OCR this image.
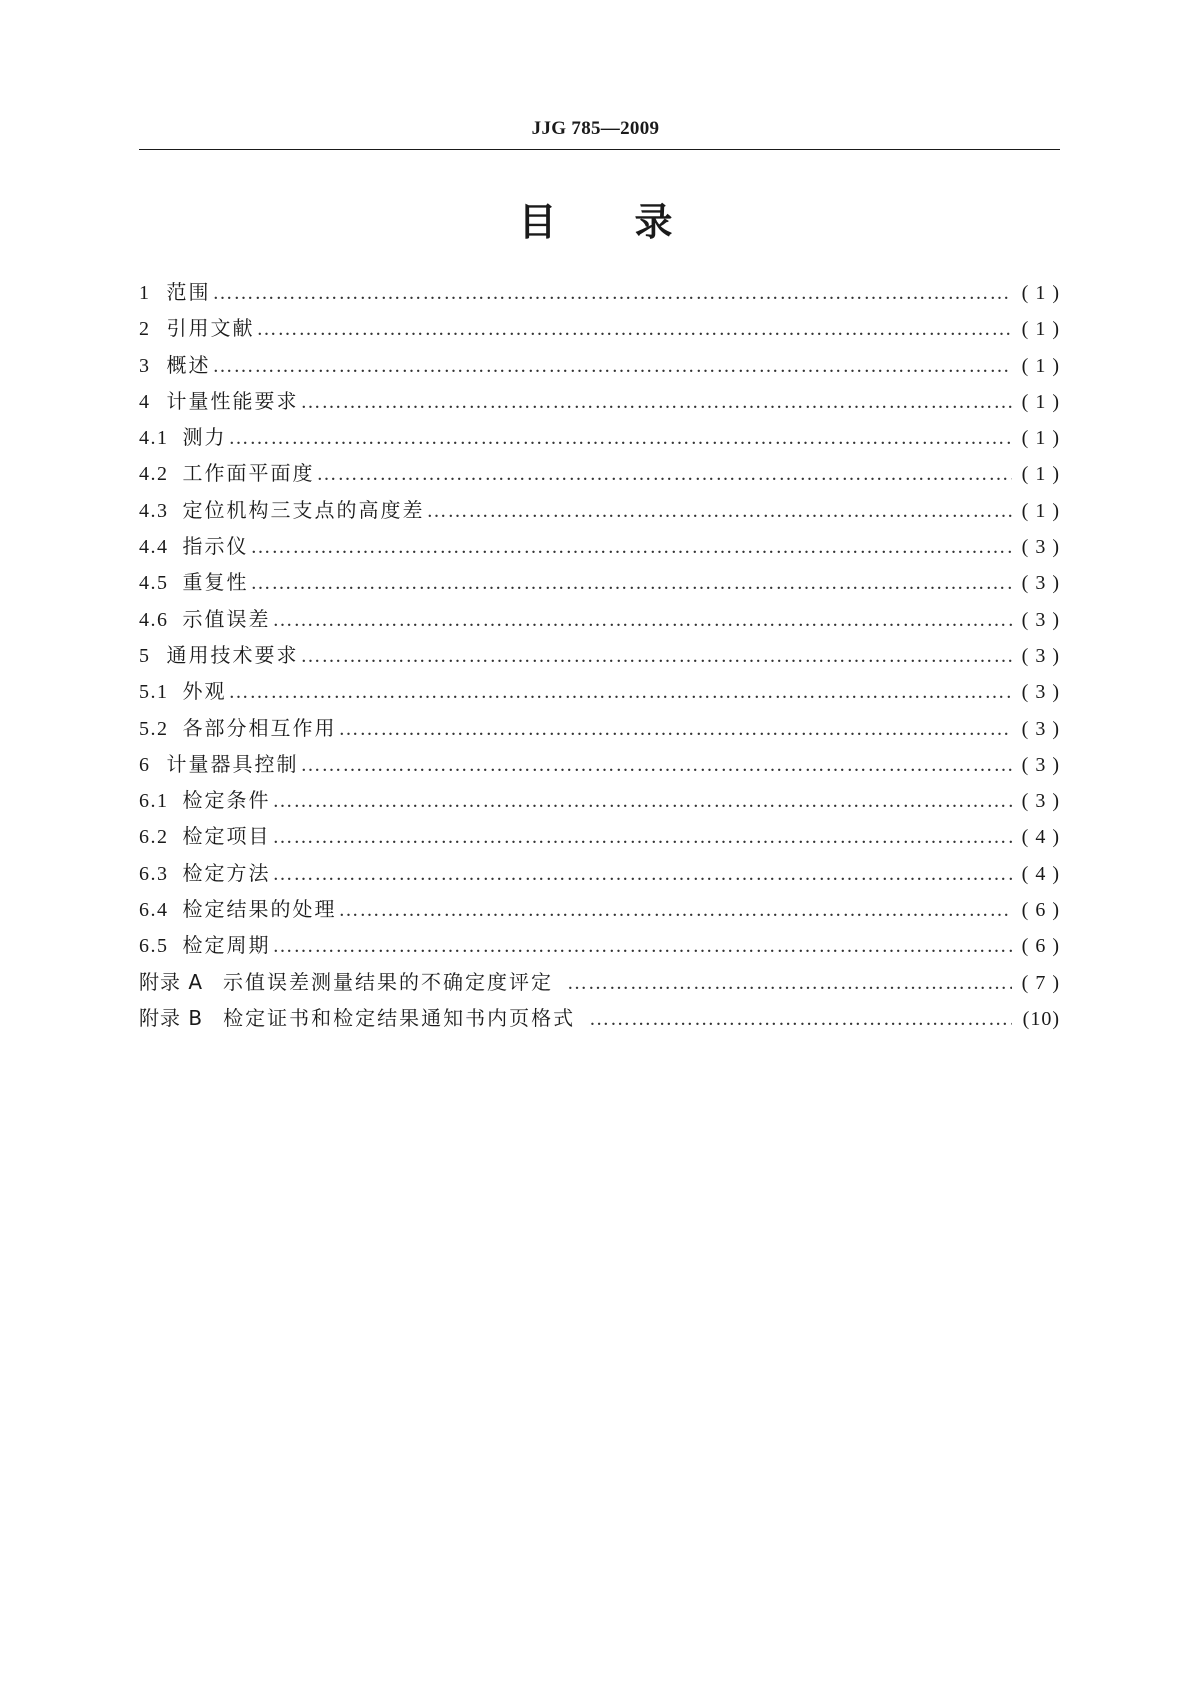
JJG 785—2009
目 录
1 范围 …………………………………………………………………………………………………………………………………………………………………………………………………………………………	( 1 )
2 引用文献 …………………………………………………………………………………………………………………………………………………………………………………………………………………………	( 1 )
3 概述 …………………………………………………………………………………………………………………………………………………………………………………………………………………………	( 1 )
4 计量性能要求 …………………………………………………………………………………………………………………………………………………………………………………………………………………………	( 1 )
4.1 测力 …………………………………………………………………………………………………………………………………………………………………………………………………………………………	( 1 )
4.2 工作面平面度 …………………………………………………………………………………………………………………………………………………………………………………………………………………………	( 1 )
4.3 定位机构三支点的高度差 …………………………………………………………………………………………………………………………………………………………………………………………………………………………	( 1 )
4.4 指示仪 …………………………………………………………………………………………………………………………………………………………………………………………………………………………	( 3 )
4.5 重复性 …………………………………………………………………………………………………………………………………………………………………………………………………………………………	( 3 )
4.6 示值误差 …………………………………………………………………………………………………………………………………………………………………………………………………………………………	( 3 )
5 通用技术要求 …………………………………………………………………………………………………………………………………………………………………………………………………………………………	( 3 )
5.1 外观 …………………………………………………………………………………………………………………………………………………………………………………………………………………………	( 3 )
5.2 各部分相互作用 …………………………………………………………………………………………………………………………………………………………………………………………………………………………	( 3 )
6 计量器具控制 …………………………………………………………………………………………………………………………………………………………………………………………………………………………	( 3 )
6.1 检定条件 …………………………………………………………………………………………………………………………………………………………………………………………………………………………	( 3 )
6.2 检定项目 …………………………………………………………………………………………………………………………………………………………………………………………………………………………	( 4 )
6.3 检定方法 …………………………………………………………………………………………………………………………………………………………………………………………………………………………	( 4 )
6.4 检定结果的处理 …………………………………………………………………………………………………………………………………………………………………………………………………………………………	( 6 )
6.5 检定周期 …………………………………………………………………………………………………………………………………………………………………………………………………………………………	( 6 )
附录 A	示值误差测量结果的不确定度评定 …………………………………………………………………………………………………………………………………………………………………………………………………………………………	( 7 )
附录 B	检定证书和检定结果通知书内页格式 …………………………………………………………………………………………………………………………………………………………………………………………………………………………	(10)
